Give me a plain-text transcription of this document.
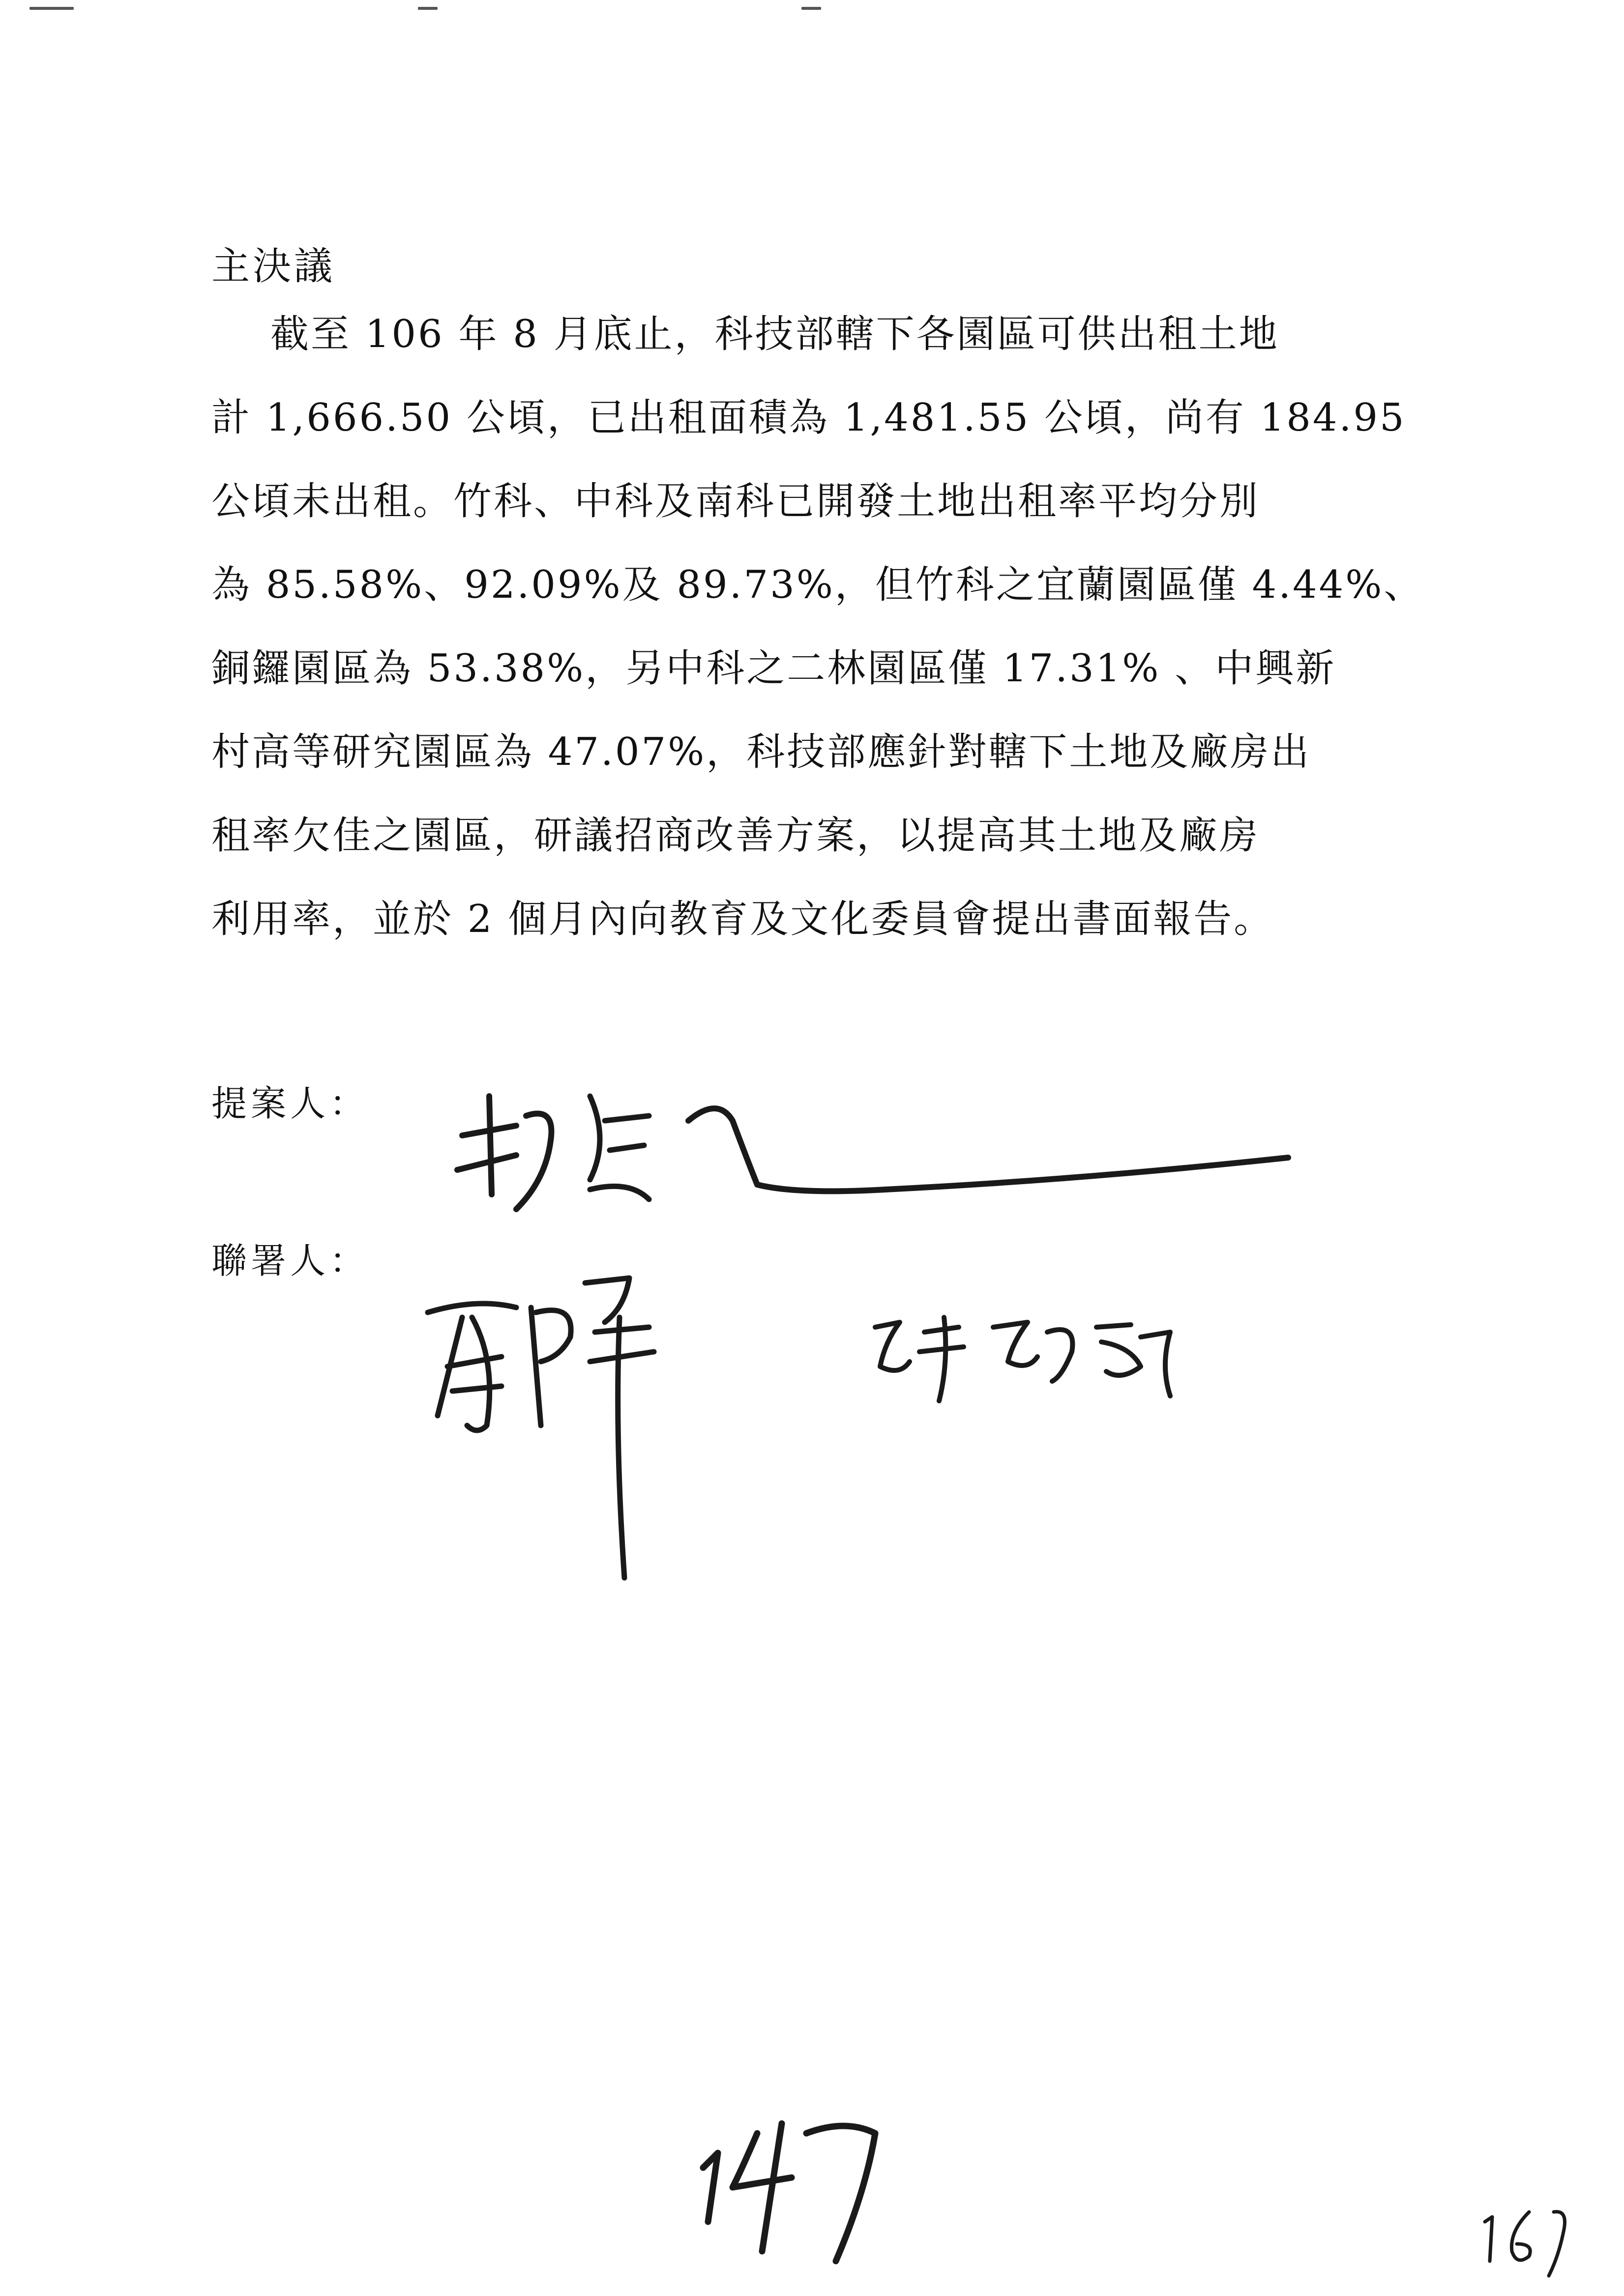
主決議
截至 106 年 8 月底止，科技部轄下各園區可供出租土地
計 1,666.50 公頃，已出租面積為 1,481.55 公頃，尚有 184.95
公頃未出租。竹科、中科及南科已開發土地出租率平均分別
為 85.58%、92.09%及 89.73%，但竹科之宜蘭園區僅 4.44%、
銅鑼園區為 53.38%，另中科之二林園區僅 17.31% 、中興新
村高等研究園區為 47.07%，科技部應針對轄下土地及廠房出
租率欠佳之園區，研議招商改善方案，以提高其土地及廠房
利用率，並於 2 個月內向教育及文化委員會提出書面報告。
提案人：
聯署人：
